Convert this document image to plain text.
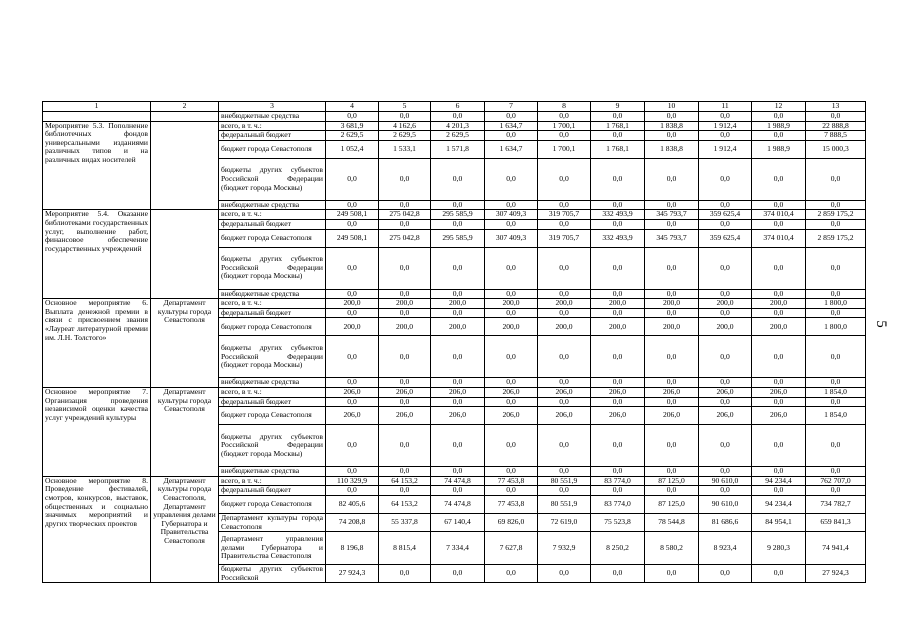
1	2	3	4	5	6	7	8	9	10	11	12	13
		внебюджетные средства	0,0	0,0	0,0	0,0	0,0	0,0	0,0	0,0	0,0	0,0
Мероприятие 5.3. Пополнение библиотечных фондов универсальными изданиями различных типов и на различных видах носителей		всего, в т. ч.:	3 681,9	4 162,6	4 201,3	1 634,7	1 700,1	1 768,1	1 838,8	1 912,4	1 988,9	22 888,8
		федеральный бюджет	2 629,5	2 629,5	2 629,5	0,0	0,0	0,0	0,0	0,0	0,0	7 888,5
		бюджет города Севастополя	1 052,4	1 533,1	1 571,8	1 634,7	1 700,1	1 768,1	1 838,8	1 912,4	1 988,9	15 000,3
		бюджеты других субъектов Российской Федерации (бюджет города Москвы)	0,0	0,0	0,0	0,0	0,0	0,0	0,0	0,0	0,0	0,0
		внебюджетные средства	0,0	0,0	0,0	0,0	0,0	0,0	0,0	0,0	0,0	0,0
Мероприятие 5.4. Оказание библиотеками государственных услуг, выполнение работ, финансовое обеспечение государственных учреждений		всего, в т. ч.:	249 508,1	275 042,8	295 585,9	307 409,3	319 705,7	332 493,9	345 793,7	359 625,4	374 010,4	2 859 175,2
		федеральный бюджет	0,0	0,0	0,0	0,0	0,0	0,0	0,0	0,0	0,0	0,0
		бюджет города Севастополя	249 508,1	275 042,8	295 585,9	307 409,3	319 705,7	332 493,9	345 793,7	359 625,4	374 010,4	2 859 175,2
		бюджеты других субъектов Российской Федерации (бюджет города Москвы)	0,0	0,0	0,0	0,0	0,0	0,0	0,0	0,0	0,0	0,0
		внебюджетные средства	0,0	0,0	0,0	0,0	0,0	0,0	0,0	0,0	0,0	0,0
Основное мероприятие 6. Выплата денежной премии в связи с присвоением звания «Лауреат литературной премии им. Л.Н. Толстого»	Департамент культуры города Севастополя	всего, в т. ч.:	200,0	200,0	200,0	200,0	200,0	200,0	200,0	200,0	200,0	1 800,0
		федеральный бюджет	0,0	0,0	0,0	0,0	0,0	0,0	0,0	0,0	0,0	0,0
		бюджет города Севастополя	200,0	200,0	200,0	200,0	200,0	200,0	200,0	200,0	200,0	1 800,0
		бюджеты других субъектов Российской Федерации (бюджет города Москвы)	0,0	0,0	0,0	0,0	0,0	0,0	0,0	0,0	0,0	0,0
		внебюджетные средства	0,0	0,0	0,0	0,0	0,0	0,0	0,0	0,0	0,0	0,0
Основное мероприятие 7. Организация проведения независимой оценки качества услуг учреждений культуры	Департамент культуры города Севастополя	всего, в т. ч.:	206,0	206,0	206,0	206,0	206,0	206,0	206,0	206,0	206,0	1 854,0
		федеральный бюджет	0,0	0,0	0,0	0,0	0,0	0,0	0,0	0,0	0,0	0,0
		бюджет города Севастополя	206,0	206,0	206,0	206,0	206,0	206,0	206,0	206,0	206,0	1 854,0
		бюджеты других субъектов Российской Федерации (бюджет города Москвы)	0,0	0,0	0,0	0,0	0,0	0,0	0,0	0,0	0,0	0,0
		внебюджетные средства	0,0	0,0	0,0	0,0	0,0	0,0	0,0	0,0	0,0	0,0
Основное мероприятие 8. Проведение фестивалей, смотров, конкурсов, выставок, общественных и социально значимых мероприятий и других творческих проектов	Департамент культуры города Севастополя, Департамент управления делами Губернатора и Правительства Севастополя	всего, в т. ч.:	110 329,9	64 153,2	74 474,8	77 453,8	80 551,9	83 774,0	87 125,0	90 610,0	94 234,4	762 707,0
		федеральный бюджет	0,0	0,0	0,0	0,0	0,0	0,0	0,0	0,0	0,0	0,0
		бюджет города Севастополя	82 405,6	64 153,2	74 474,8	77 453,8	80 551,9	83 774,0	87 125,0	90 610,0	94 234,4	734 782,7
		Департамент культуры города Севастополя	74 208,8	55 337,8	67 140,4	69 826,0	72 619,0	75 523,8	78 544,8	81 686,6	84 954,1	659 841,3
		Департамент управления делами Губернатора и Правительства Севастополя	8 196,8	8 815,4	7 334,4	7 627,8	7 932,9	8 250,2	8 580,2	8 923,4	9 280,3	74 941,4
		бюджеты других субъектов Российской	27 924,3	0,0	0,0	0,0	0,0	0,0	0,0	0,0	0,0	27 924,3
5
